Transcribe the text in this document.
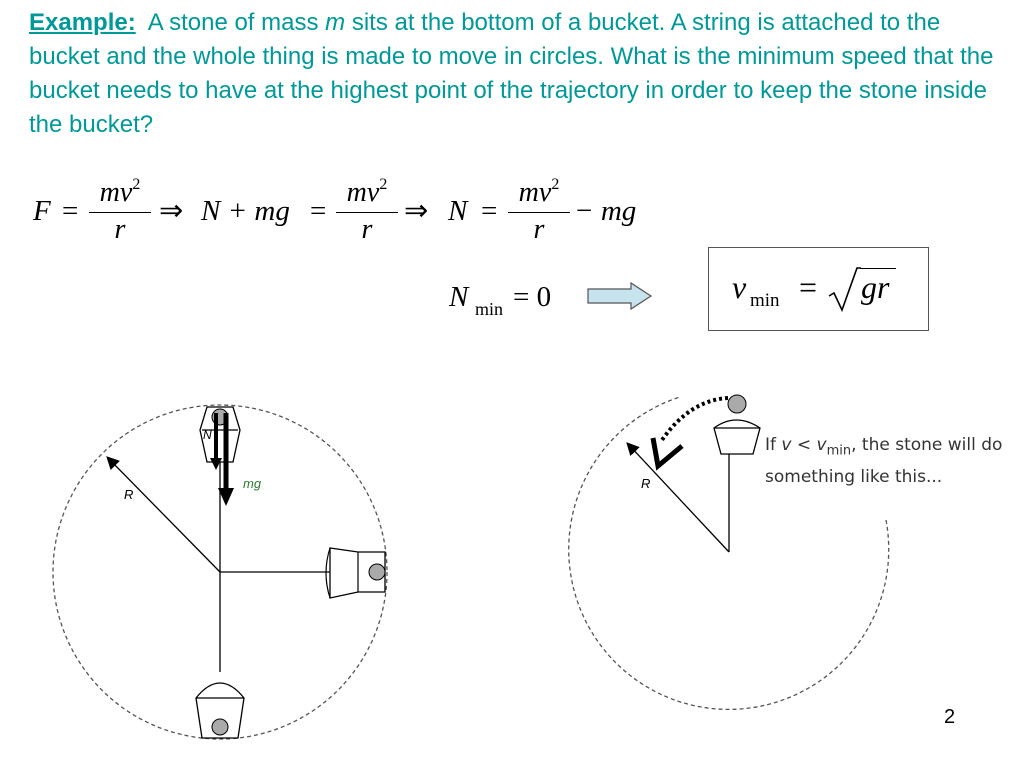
Example:  A stone of mass m sits at the bottom of a bucket. A string is attached to the bucket and the whole thing is made to move in circles. What is the minimum speed that the bucket needs to have at the highest point of the trajectory in order to keep the stone inside the bucket?

F =
$mv^2$
r
⇒ N + mg =
$mv^2$
r
⇒ N =
$mv^2$
r
− mg
N min = 0	v min = gr
N
mg
R
R
If $v < v_{min}$, the stone will do something like this...
2
